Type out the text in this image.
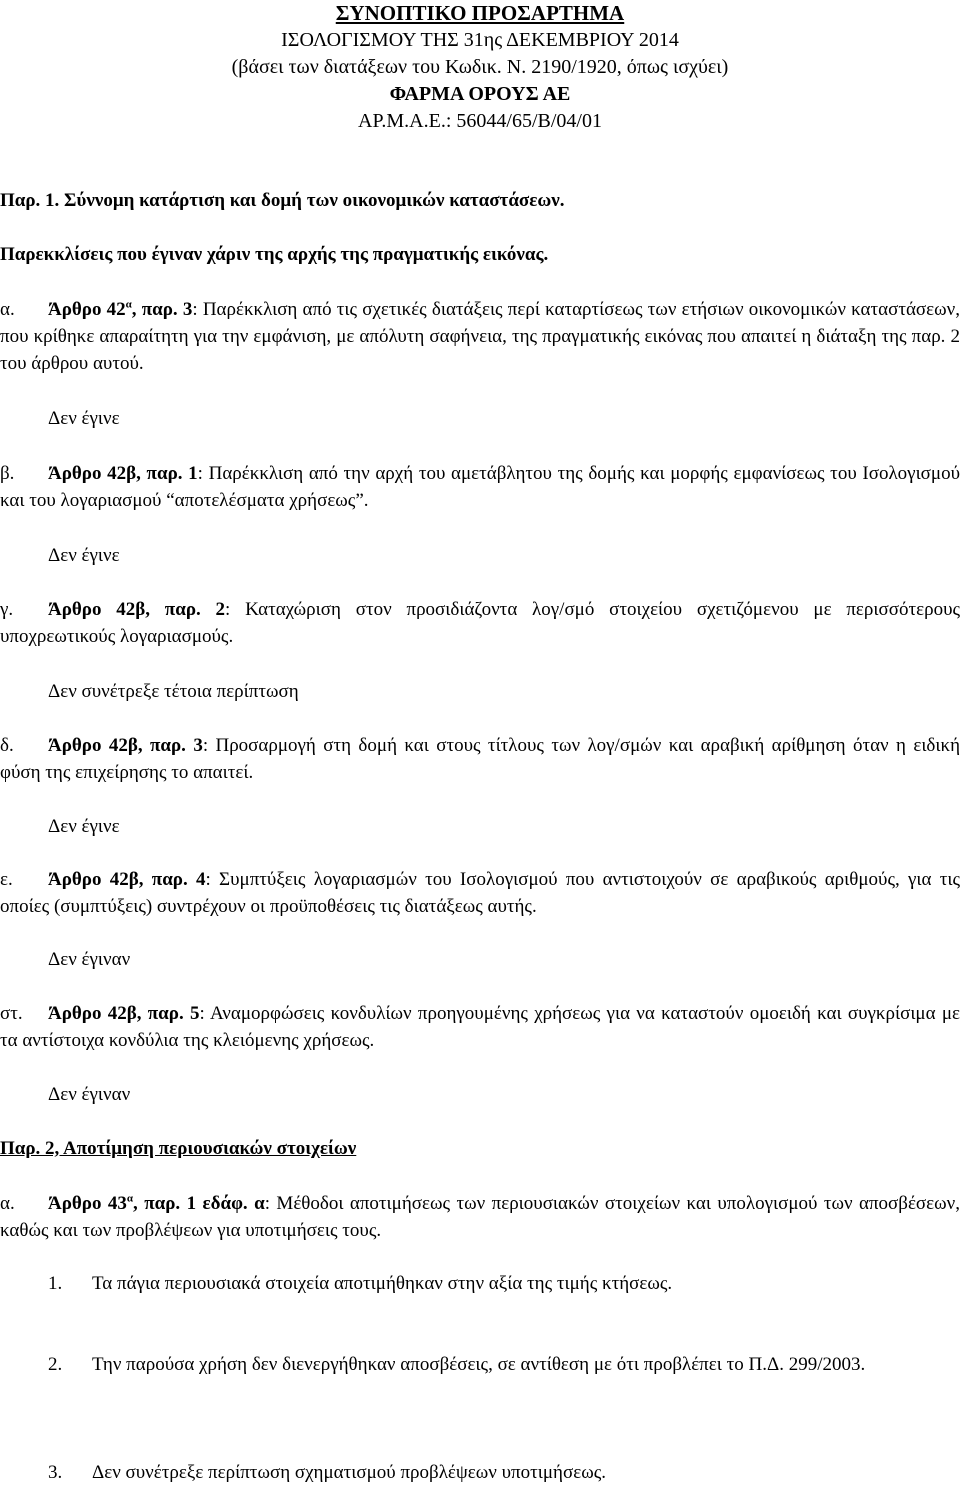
ΣΥΝΟΠΤΙΚΟ ΠΡΟΣΑΡΤΗΜΑ
ΙΣΟΛΟΓΙΣΜΟΥ ΤΗΣ 31ης ΔΕΚΕΜΒΡΙΟΥ 2014
(βάσει των διατάξεων του Κωδικ. Ν. 2190/1920, όπως ισχύει)
ΦΑΡΜΑ ΟΡΟΥΣ ΑΕ
ΑΡ.Μ.Α.Ε.: 56044/65/Β/04/01
Παρ. 1. Σύννομη κατάρτιση και δομή των οικονομικών καταστάσεων.
Παρεκκλίσεις που έγιναν χάριν της αρχής της πραγματικής εικόνας.
α. Άρθρο $42^\alpha$, παρ. 3: Παρέκκλιση από τις σχετικές διατάξεις περί καταρτίσεως των ετήσιων οικονομικών καταστάσεων, που κρίθηκε απαραίτητη για την εμφάνιση, με απόλυτη σαφήνεια, της πραγματικής εικόνας που απαιτεί η διάταξη της παρ. 2 του άρθρου αυτού.
Δεν έγινε
β. Άρθρο 42β, παρ. 1: Παρέκκλιση από την αρχή του αμετάβλητου της δομής και μορφής εμφανίσεως του Ισολογισμού και του λογαριασμού “αποτελέσματα χρήσεως”.
Δεν έγινε
γ. Άρθρο 42β, παρ. 2: Καταχώριση στον προσιδιάζοντα λογ/σμό στοιχείου σχετιζόμενου με περισσότερους υποχρεωτικούς λογαριασμούς.
Δεν συνέτρεξε τέτοια περίπτωση
δ. Άρθρο 42β, παρ. 3: Προσαρμογή στη δομή και στους τίτλους των λογ/σμών και αραβική αρίθμηση όταν η ειδική φύση της επιχείρησης το απαιτεί.
Δεν έγινε
ε. Άρθρο 42β, παρ. 4: Συμπτύξεις λογαριασμών του Ισολογισμού που αντιστοιχούν σε αραβικούς αριθμούς, για τις οποίες (συμπτύξεις) συντρέχουν οι προϋποθέσεις τις διατάξεως αυτής.
Δεν έγιναν
στ. Άρθρο 42β, παρ. 5: Αναμορφώσεις κονδυλίων προηγουμένης χρήσεως για να καταστούν ομοειδή και συγκρίσιμα με τα αντίστοιχα κονδύλια της κλειόμενης χρήσεως.
Δεν έγιναν
Παρ. 2, Αποτίμηση περιουσιακών στοιχείων
α. Άρθρο $43^\alpha$, παρ. 1 εδάφ. α: Μέθοδοι αποτιμήσεως των περιουσιακών στοιχείων και υπολογισμού των αποσβέσεων, καθώς και των προβλέψεων για υποτιμήσεις τους.
1. Τα πάγια περιουσιακά στοιχεία αποτιμήθηκαν στην αξία της τιμής κτήσεως.
2. Την παρούσα χρήση δεν διενεργήθηκαν αποσβέσεις, σε αντίθεση με ότι προβλέπει το Π.Δ. 299/2003.
3. Δεν συνέτρεξε περίπτωση σχηματισμού προβλέψεων υποτιμήσεως.
